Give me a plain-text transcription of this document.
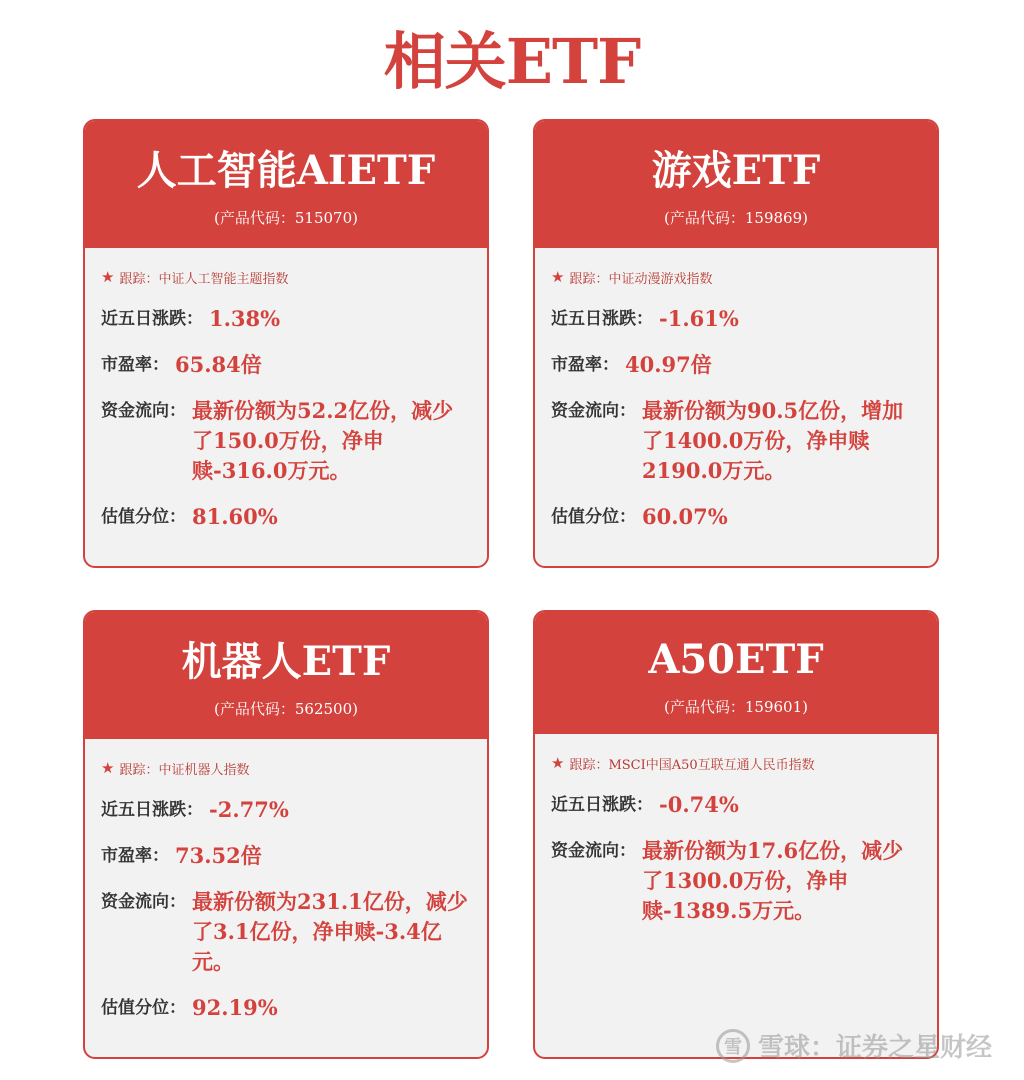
相关ETF
人工智能AIETF
(产品代码：515070)
★ 跟踪：中证人工智能主题指数
近五日涨跌： 1.38%
市盈率： 65.84倍
资金流向： 最新份额为52.2亿份，减少了150.0万份，净申赎-316.0万元。
估值分位： 81.60%
游戏ETF
(产品代码：159869)
★ 跟踪：中证动漫游戏指数
近五日涨跌： -1.61%
市盈率： 40.97倍
资金流向： 最新份额为90.5亿份，增加了1400.0万份，净申赎2190.0万元。
估值分位： 60.07%
机器人ETF
(产品代码：562500)
★ 跟踪：中证机器人指数
近五日涨跌： -2.77%
市盈率： 73.52倍
资金流向： 最新份额为231.1亿份，减少了3.1亿份，净申赎-3.4亿元。
估值分位： 92.19%
A50ETF
(产品代码：159601)
★ 跟踪：MSCI中国A50互联互通人民币指数
近五日涨跌： -0.74%
资金流向： 最新份额为17.6亿份，减少了1300.0万份，净申赎-1389.5万元。
雪 雪球：证券之星财经
